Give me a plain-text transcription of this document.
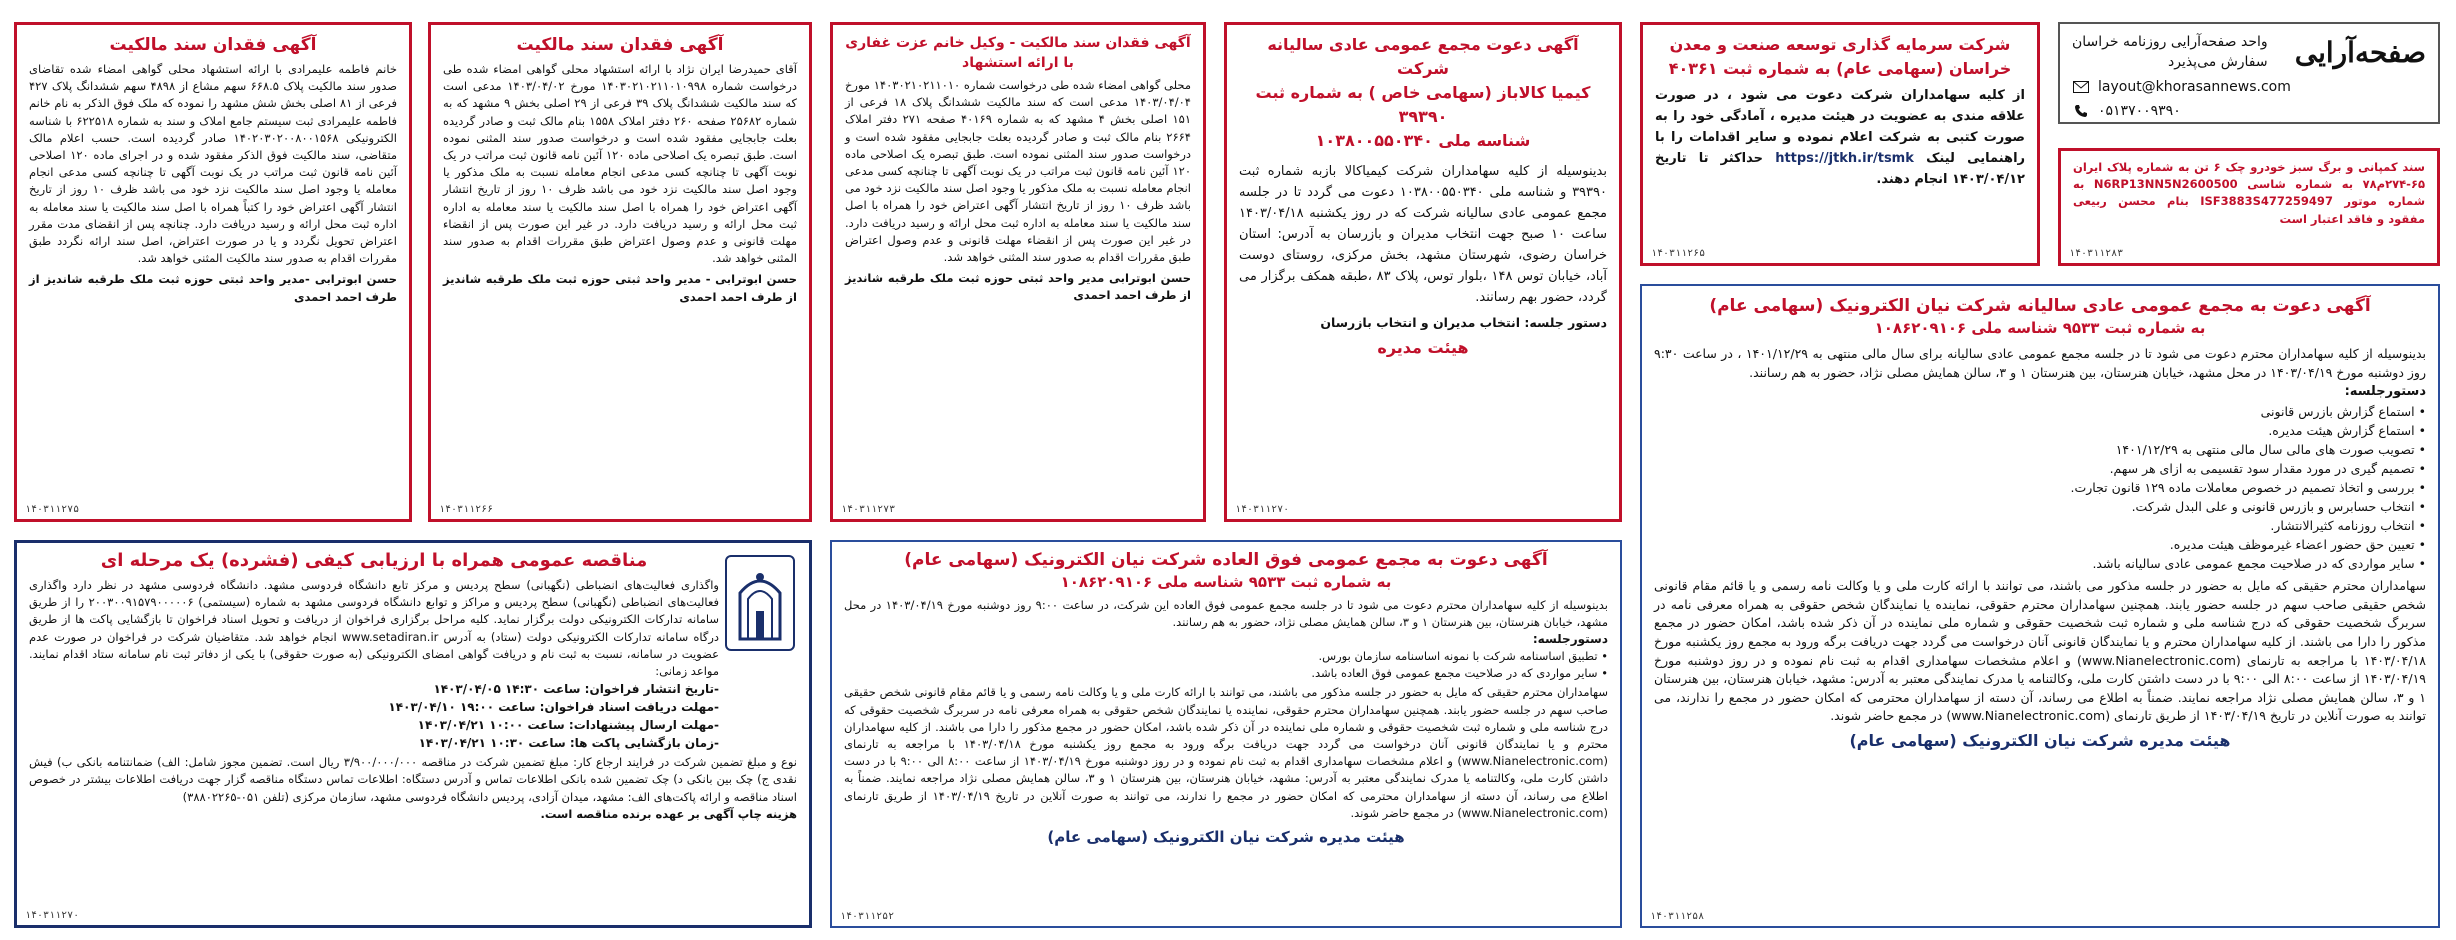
صفحه‌آرایی
واحد صفحه‌آرایی روزنامه خراسان
سفارش می‌پذیرد
layout@khorasannews.com
۰۵۱۳۷۰۰۹۳۹۰
سند کمپانی و برگ سبز خودرو چک ۶ تن به شماره پلاک ایران ۶۵-۲۷۴م۷۸ به شماره شاسی N6RP13NN5N2600500 به شماره موتور ISF3883S477259497 بنام محسن ربیعی مفقود و فاقد اعتبار است
۱۴۰۳۱۱۲۸۳
شرکت سرمایه گذاری توسعه صنعت و معدن
خراسان (سهامی عام) به شماره ثبت ۴۰۳۶۱
از کلیه سهامداران شرکت دعوت می شود ، در صورت علاقه مندی به عضویت در هیئت مدیره ، آمادگی خود را به صورت کتبی به شرکت اعلام نموده و سایر اقدامات را با راهنمایی لینک https://jtkh.ir/tsmk حداکثر تا تاریخ ۱۴۰۳/۰۴/۱۲ انجام دهند.
۱۴۰۳۱۱۲۶۵
آگهی دعوت مجمع عمومی عادی سالیانه شرکت
کیمیا کالاباز (سهامی خاص ) به شماره ثبت ۳۹۳۹۰
شناسه ملی ۱۰۳۸۰۰۵۵۰۳۴۰
بدینوسیله از کلیه سهامداران شرکت کیمیاکالا بازبه شماره ثبت ۳۹۳۹۰ و شناسه ملی ۱۰۳۸۰۰۵۵۰۳۴۰ دعوت می گردد تا در جلسه مجمع عمومی عادی سالیانه شرکت که در روز یکشنبه ۱۴۰۳/۰۴/۱۸ ساعت ۱۰ صبح جهت انتخاب مدیران و بازرسان به آدرس: استان خراسان رضوی، شهرستان مشهد، بخش مرکزی، روستای دوست آباد، خیابان توس ۱۴۸ ،بلوار توس، پلاک ۸۳ ،طبقه همکف برگزار می گردد، حضور بهم رسانند.
دستور جلسه: انتخاب مدیران و انتخاب بازرسان
هیئت مدیره
۱۴۰۳۱۱۲۷۰
آگهی فقدان سند مالکیت - وکیل خانم عزت غفاری با ارائه استشهاد
محلی گواهی امضاء شده طی درخواست شماره ۱۴۰۳۰۲۱۰۲۱۱۰۱۰ مورخ ۱۴۰۳/۰۴/۰۴ مدعی است که سند مالکیت ششدانگ پلاک ۱۸ فرعی از ۱۵۱ اصلی بخش ۴ مشهد که به شماره ۴۰۱۶۹ صفحه ۲۷۱ دفتر املاک ۲۶۶۴ بنام مالک ثبت و صادر گردیده بعلت جابجایی مفقود شده است و درخواست صدور سند المثنی نموده است. طبق تبصره یک اصلاحی ماده ۱۲۰ آئین نامه قانون ثبت مراتب در یک نوبت آگهی تا چنانچه کسی مدعی انجام معامله نسبت به ملک مذکور یا وجود اصل سند مالکیت نزد خود می باشد ظرف ۱۰ روز از تاریخ انتشار آگهی اعتراض خود را همراه با اصل سند مالکیت یا سند معامله به اداره ثبت محل ارائه و رسید دریافت دارد. در غیر این صورت پس از انقضاء مهلت قانونی و عدم وصول اعتراض طبق مقررات اقدام به صدور سند المثنی خواهد شد.
حسن ابوترابی مدیر واحد ثبتی حوزه ثبت ملک طرقبه شاندیز از طرف احمد احمدی
۱۴۰۳۱۱۲۷۳
آگهی فقدان سند مالکیت
آقای حمیدرضا ایران نژاد با ارائه استشهاد محلی گواهی امضاء شده طی درخواست شماره ۱۴۰۳۰۲۱۰۲۱۱۰۱۰۹۹۸ مورخ ۱۴۰۳/۰۴/۰۲ مدعی است که سند مالکیت ششدانگ پلاک ۳۹ فرعی از ۲۹ اصلی بخش ۹ مشهد که به شماره ۲۵۶۸۲ صفحه ۲۶۰ دفتر املاک ۱۵۵۸ بنام مالک ثبت و صادر گردیده بعلت جابجایی مفقود شده است و درخواست صدور سند المثنی نموده است. طبق تبصره یک اصلاحی ماده ۱۲۰ آئین نامه قانون ثبت مراتب در یک نوبت آگهی تا چنانچه کسی مدعی انجام معامله نسبت به ملک مذکور یا وجود اصل سند مالکیت نزد خود می باشد ظرف ۱۰ روز از تاریخ انتشار آگهی اعتراض خود را همراه با اصل سند مالکیت یا سند معامله به اداره ثبت محل ارائه و رسید دریافت دارد. در غیر این صورت پس از انقضاء مهلت قانونی و عدم وصول اعتراض طبق مقررات اقدام به صدور سند المثنی خواهد شد.
حسن ابوترابی - مدیر واحد ثبتی حوزه ثبت ملک طرقبه شاندیز از طرف احمد احمدی
۱۴۰۳۱۱۲۶۶
آگهی فقدان سند مالکیت
خانم فاطمه علیمرادی با ارائه استشهاد محلی گواهی امضاء شده تقاضای صدور سند مالکیت پلاک ۶۶۸.۵ سهم مشاع از ۴۸۹۸ سهم ششدانگ پلاک ۴۲۷ فرعی از ۸۱ اصلی بخش شش مشهد را نموده که ملک فوق الذکر به نام خانم فاطمه علیمرادی ثبت سیستم جامع املاک و سند به شماره ۶۲۲۵۱۸ با شناسه الکترونیکی ۱۴۰۲۰۳۰۲۰۰۸۰۰۱۵۶۸ صادر گردیده است. حسب اعلام مالک متقاضی، سند مالکیت فوق الذکر مفقود شده و در اجرای ماده ۱۲۰ اصلاحی آئین نامه قانون ثبت مراتب در یک نوبت آگهی تا چنانچه کسی مدعی انجام معامله یا وجود اصل سند مالکیت نزد خود می باشد ظرف ۱۰ روز از تاریخ انتشار آگهی اعتراض خود را کتباً همراه با اصل سند مالکیت یا سند معامله به اداره ثبت محل ارائه و رسید دریافت دارد. چنانچه پس از انقضای مدت مقرر اعتراض تحویل نگردد و یا در صورت اعتراض، اصل سند ارائه نگردد طبق مقررات اقدام به صدور سند مالکیت المثنی خواهد شد.
حسن ابوترابی -مدیر واحد ثبتی حوزه ثبت ملک طرقبه شاندیز از طرف احمد احمدی
۱۴۰۳۱۱۲۷۵
آگهی دعوت به مجمع عمومی عادی سالیانه شرکت نیان الکترونیک (سهامی عام)
به شماره ثبت ۹۵۳۳ شناسه ملی ۱۰۸۶۲۰۹۱۰۶
بدینوسیله از کلیه سهامداران محترم دعوت می شود تا در جلسه مجمع عمومی عادی سالیانه برای سال مالی منتهی به ۱۴۰۱/۱۲/۲۹ ، در ساعت ۹:۳۰ روز دوشنبه مورخ ۱۴۰۳/۰۴/۱۹ در محل مشهد، خیابان هنرستان، بین هنرستان ۱ و ۳، سالن همایش مصلی نژاد، حضور به هم رسانند.
دستورجلسه:
• استماع گزارش بازرس قانونی
• استماع گزارش هیئت مدیره.
• تصویب صورت های مالی سال مالی منتهی به ۱۴۰۱/۱۲/۲۹
• تصمیم گیری در مورد مقدار سود تقسیمی به ازای هر سهم.
• بررسی و اتخاذ تصمیم در خصوص معاملات ماده ۱۲۹ قانون تجارت.
• انتخاب حسابرس و بازرس قانونی و علی البدل شرکت.
• انتخاب روزنامه کثیرالانتشار.
• تعیین حق حضور اعضاء غیرموظف هیئت مدیره.
• سایر مواردی که در صلاحیت مجمع عمومی عادی سالیانه باشد.
سهامداران محترم حقیقی که مایل به حضور در جلسه مذکور می باشند، می توانند با ارائه کارت ملی و یا وکالت نامه رسمی و یا قائم مقام قانونی شخص حقیقی صاحب سهم در جلسه حضور یابند. همچنین سهامداران محترم حقوقی، نماینده یا نمایندگان شخص حقوقی به همراه معرفی نامه در سربرگ شخصیت حقوقی که درج شناسه ملی و شماره ثبت شخصیت حقوقی و شماره ملی نماینده در آن ذکر شده باشد، امکان حضور در مجمع مذکور را دارا می باشند. از کلیه سهامداران محترم و یا نمایندگان قانونی آنان درخواست می گردد جهت دریافت برگه ورود به مجمع روز یکشنبه مورخ ۱۴۰۳/۰۴/۱۸ با مراجعه به تارنمای (www.Nianelectronic.com) و اعلام مشخصات سهامداری اقدام به ثبت نام نموده و در روز دوشنبه مورخ ۱۴۰۳/۰۴/۱۹ از ساعت ۸:۰۰ الی ۹:۰۰ با در دست داشتن کارت ملی، وکالتنامه یا مدرک نمایندگی معتبر به آدرس: مشهد، خیابان هنرستان، بین هنرستان ۱ و ۳، سالن همایش مصلی نژاد مراجعه نمایند. ضمناً به اطلاع می رساند، آن دسته از سهامداران محترمی که امکان حضور در مجمع را ندارند، می توانند به صورت آنلاین در تاریخ ۱۴۰۳/۰۴/۱۹ از طریق تارنمای (www.Nianelectronic.com) در مجمع حاضر شوند.
هیئت مدیره شرکت نیان الکترونیک (سهامی عام)
۱۴۰۳۱۱۲۵۸
آگهی دعوت به مجمع عمومی فوق العاده شرکت نیان الکترونیک (سهامی عام)
به شماره ثبت ۹۵۳۳ شناسه ملی ۱۰۸۶۲۰۹۱۰۶
بدینوسیله از کلیه سهامداران محترم دعوت می شود تا در جلسه مجمع عمومی فوق العاده این شرکت، در ساعت ۹:۰۰ روز دوشنبه مورخ ۱۴۰۳/۰۴/۱۹ در محل مشهد، خیابان هنرستان، بین هنرستان ۱ و ۳، سالن همایش مصلی نژاد، حضور به هم رسانند.
دستورجلسه:
• تطبیق اساسنامه شرکت با نمونه اساسنامه سازمان بورس.
• سایر مواردی که در صلاحیت مجمع عمومی فوق العاده باشد.
سهامداران محترم حقیقی که مایل به حضور در جلسه مذکور می باشند، می توانند با ارائه کارت ملی و یا وکالت نامه رسمی و یا قائم مقام قانونی شخص حقیقی صاحب سهم در جلسه حضور یابند. همچنین سهامداران محترم حقوقی، نماینده یا نمایندگان شخص حقوقی به همراه معرفی نامه در سربرگ شخصیت حقوقی که درج شناسه ملی و شماره ثبت شخصیت حقوقی و شماره ملی نماینده در آن ذکر شده باشد، امکان حضور در مجمع مذکور را دارا می باشند. از کلیه سهامداران محترم و یا نمایندگان قانونی آنان درخواست می گردد جهت دریافت برگه ورود به مجمع روز یکشنبه مورخ ۱۴۰۳/۰۴/۱۸ با مراجعه به تارنمای (www.Nianelectronic.com) و اعلام مشخصات سهامداری اقدام به ثبت نام نموده و در روز دوشنبه مورخ ۱۴۰۳/۰۴/۱۹ از ساعت ۸:۰۰ الی ۹:۰۰ با در دست داشتن کارت ملی، وکالتنامه یا مدرک نمایندگی معتبر به آدرس: مشهد، خیابان هنرستان، بین هنرستان ۱ و ۳، سالن همایش مصلی نژاد مراجعه نمایند. ضمناً به اطلاع می رساند، آن دسته از سهامداران محترمی که امکان حضور در مجمع را ندارند، می توانند به صورت آنلاین در تاریخ ۱۴۰۳/۰۴/۱۹ از طریق تارنمای (www.Nianelectronic.com) در مجمع حاضر شوند.
هیئت مدیره شرکت نیان الکترونیک (سهامی عام)
۱۴۰۳۱۱۲۵۲
مناقصه عمومی همراه با ارزیابی کیفی (فشرده) یک مرحله ای
واگذاری فعالیت‌های انضباطی (نگهبانی) سطح پردیس و مرکز تابع دانشگاه فردوسی مشهد. دانشگاه فردوسی مشهد در نظر دارد واگذاری فعالیت‌های انضباطی (نگهبانی) سطح پردیس و مراکز و توابع دانشگاه فردوسی مشهد به شماره (سیستمی) ۲۰۰۳۰۰۹۱۵۷۹۰۰۰۰۰۶ را از طریق سامانه تدارکات الکترونیکی دولت برگزار نماید. کلیه مراحل برگزاری فراخوان از دریافت و تحویل اسناد فراخوان تا بازگشایی پاکت ها از طریق درگاه سامانه تدارکات الکترونیکی دولت (ستاد) به آدرس www.setadiran.ir انجام خواهد شد. متقاضیان شرکت در فراخوان در صورت عدم عضویت در سامانه، نسبت به ثبت نام و دریافت گواهی امضای الکترونیکی (به صورت حقوقی) با یکی از دفاتر ثبت نام سامانه ستاد اقدام نمایند. مواعد زمانی:
-تاریخ انتشار فراخوان: ۱۴۰۳/۰۴/۰۵ ساعت ۱۴:۳۰
-مهلت دریافت اسناد فراخوان: ۱۴۰۳/۰۴/۱۰ ساعت ۱۹:۰۰
-مهلت ارسال پیشنهادات: ۱۴۰۳/۰۴/۲۱ ساعت ۱۰:۰۰
-زمان بازگشایی پاکت ها: ۱۴۰۳/۰۴/۲۱ ساعت ۱۰:۳۰
نوع و مبلغ تضمین شرکت در فرایند ارجاع کار: مبلغ تضمین شرکت در مناقصه ۳/۹۰۰/۰۰۰/۰۰۰ ریال است. تضمین مجوز شامل: الف) ضمانتنامه بانکی ب) فیش نقدی ج) چک بین بانکی د) چک تضمین شده بانکی اطلاعات تماس و آدرس دستگاه: اطلاعات تماس دستگاه مناقصه گزار جهت دریافت اطلاعات بیشتر در خصوص اسناد مناقصه و ارائه پاکت‌های الف: مشهد، میدان آزادی، پردیس دانشگاه فردوسی مشهد، سازمان مرکزی (تلفن ۰۵۱-۳۸۸۰۲۲۶۵)
هزینه چاپ آگهی بر عهده برنده مناقصه است.
۱۴۰۳۱۱۲۷۰
